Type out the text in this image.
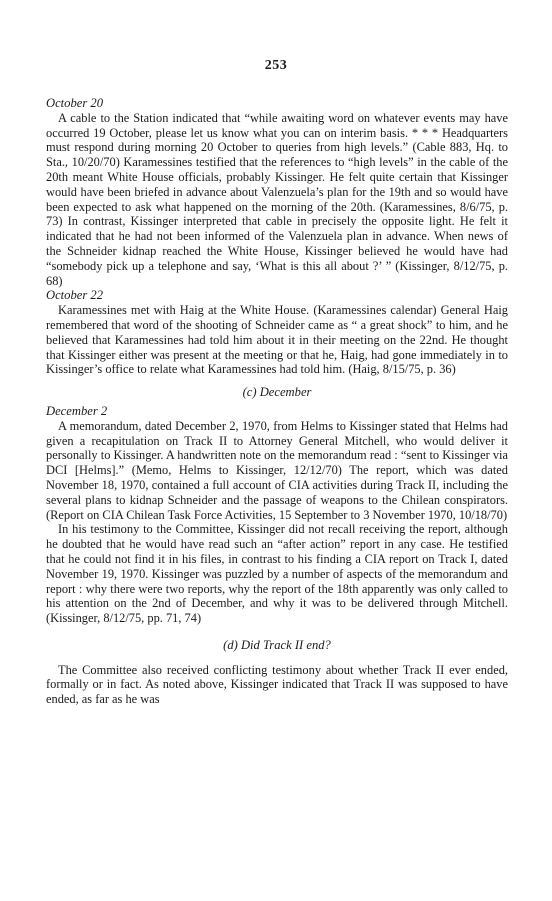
253

October 20

A cable to the Station indicated that “while awaiting word on whatever events may have occurred 19 October, please let us know what you can on interim basis. * * * Headquarters must respond during morning 20 October to queries from high levels.” (Cable 883, Hq. to Sta., 10/20/70) Karamessines testified that the references to “high levels” in the cable of the 20th meant White House officials, probably Kissinger. He felt quite certain that Kissinger would have been briefed in advance about Valenzuela’s plan for the 19th and so would have been expected to ask what happened on the morning of the 20th. (Karamessines, 8/6/75, p. 73) In contrast, Kissinger interpreted that cable in precisely the opposite light. He felt it indicated that he had not been informed of the Valenzuela plan in advance. When news of the Schneider kidnap reached the White House, Kissinger believed he would have had “somebody pick up a telephone and say, ‘What is this all about ?’ ” (Kissinger, 8/12/75, p. 68)

October 22

Karamessines met with Haig at the White House. (Karamessines calendar) General Haig remembered that word of the shooting of Schneider came as “ a great shock” to him, and he believed that Karamessines had told him about it in their meeting on the 22nd. He thought that Kissinger either was present at the meeting or that he, Haig, had gone immediately in to Kissinger’s office to relate what Karamessines had told him. (Haig, 8/15/75, p. 36)

(c) December

December 2

A memorandum, dated December 2, 1970, from Helms to Kissinger stated that Helms had given a recapitulation on Track II to Attorney General Mitchell, who would deliver it personally to Kissinger. A handwritten note on the memorandum read : “sent to Kissinger via DCI [Helms].” (Memo, Helms to Kissinger, 12/12/70) The report, which was dated November 18, 1970, contained a full account of CIA activities during Track II, including the several plans to kidnap Schneider and the passage of weapons to the Chilean conspirators. (Report on CIA Chilean Task Force Activities, 15 September to 3 November 1970, 10/18/70)

In his testimony to the Committee, Kissinger did not recall receiving the report, although he doubted that he would have read such an “after action” report in any case. He testified that he could not find it in his files, in contrast to his finding a CIA report on Track I, dated November 19, 1970. Kissinger was puzzled by a number of aspects of the memorandum and report : why there were two reports, why the report of the 18th apparently was only called to his attention on the 2nd of December, and why it was to be delivered through Mitchell. (Kissinger, 8/12/75, pp. 71, 74)

(d) Did Track II end?

The Committee also received conflicting testimony about whether Track II ever ended, formally or in fact. As noted above, Kissinger indicated that Track II was supposed to have ended, as far as he was
